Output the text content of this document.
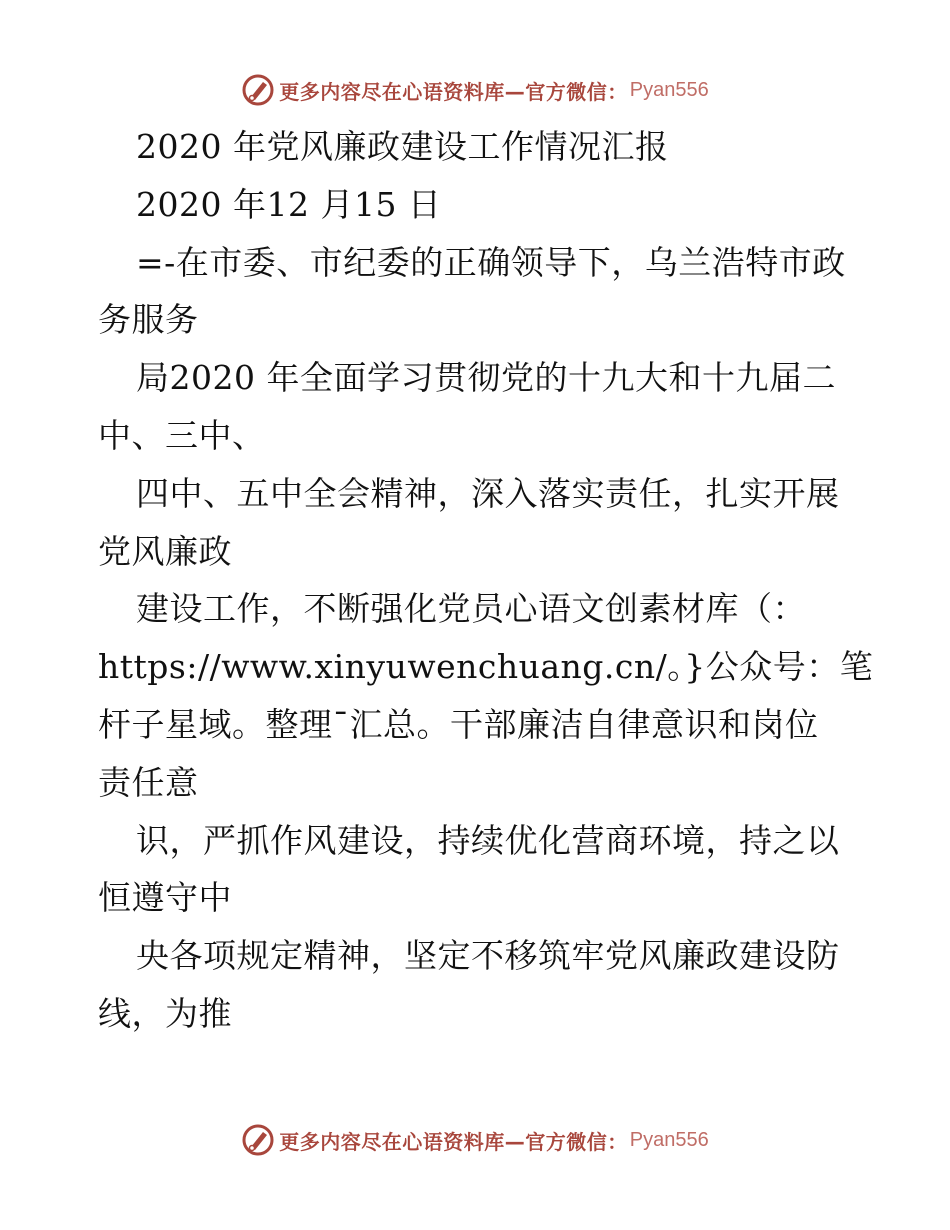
更多内容尽在心语资料库—官方微信： Pyan556
2020 年党风廉政建设工作情况汇报
2020 年12 月15 日
=-在市委、市纪委的正确领导下，乌兰浩特市政
务服务
局2020 年全面学习贯彻党的十九大和十九届二
中、三中、
四中、五中全会精神，深入落实责任，扎实开展
党风廉政
建设工作，不断强化党员心语文创素材库（：
https://www.xinyuwenchuang.cn/。}公众号：笔
杆子星域。整理¯汇总。干部廉洁自律意识和岗位
责任意
识，严抓作风建设，持续优化营商环境，持之以
恒遵守中
央各项规定精神，坚定不移筑牢党风廉政建设防
线，为推
更多内容尽在心语资料库—官方微信： Pyan556
